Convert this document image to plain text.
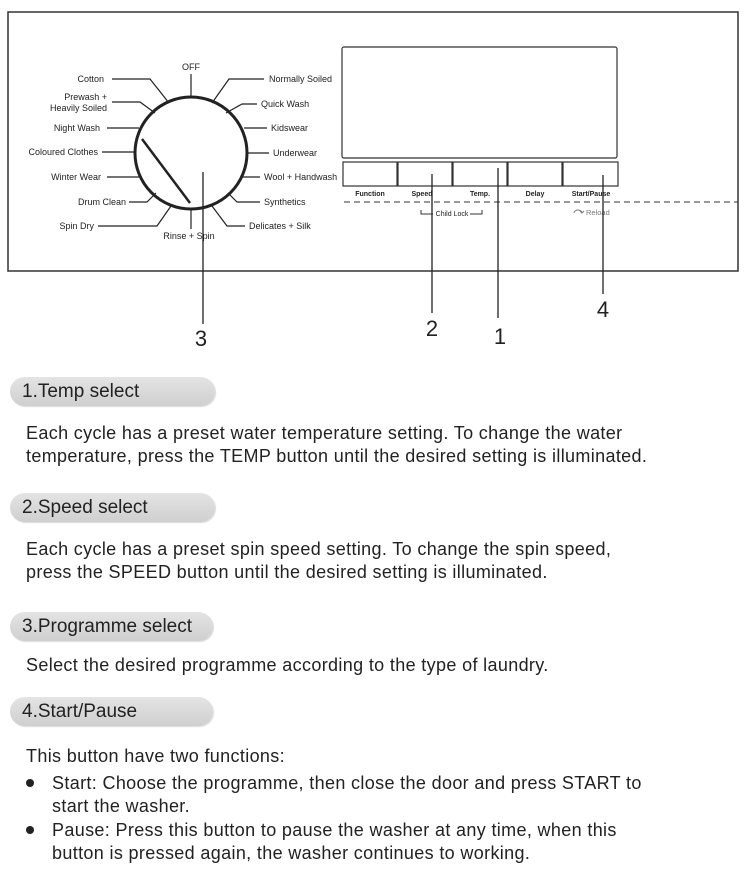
OFF
Cotton
Prewash +
Heavily Soiled
Night Wash
Coloured Clothes
Winter Wear
Drum Clean
Spin Dry
Normally Soiled
Quick Wash
Kidswear
Underwear
Wool + Handwash
Synthetics
Delicates + Silk
Rinse + Spin
Function	Speed	Temp.	Delay	Start/Pause
Child Lock	Reload
3	2	1
4
1.Temp select
Each cycle has a preset water temperature setting. To change the water
temperature, press the TEMP button until the desired setting is illuminated.
2.Speed select
Each cycle has a preset spin speed setting. To change the spin speed,
press the SPEED button until the desired setting is illuminated.
3.Programme select
Select the desired programme according to the type of laundry.
4.Start/Pause
This button have two functions:
Start: Choose the programme, then close the door and press START to
start the washer.
Pause: Press this button to pause the washer at any time, when this
button is pressed again, the washer continues to working.
